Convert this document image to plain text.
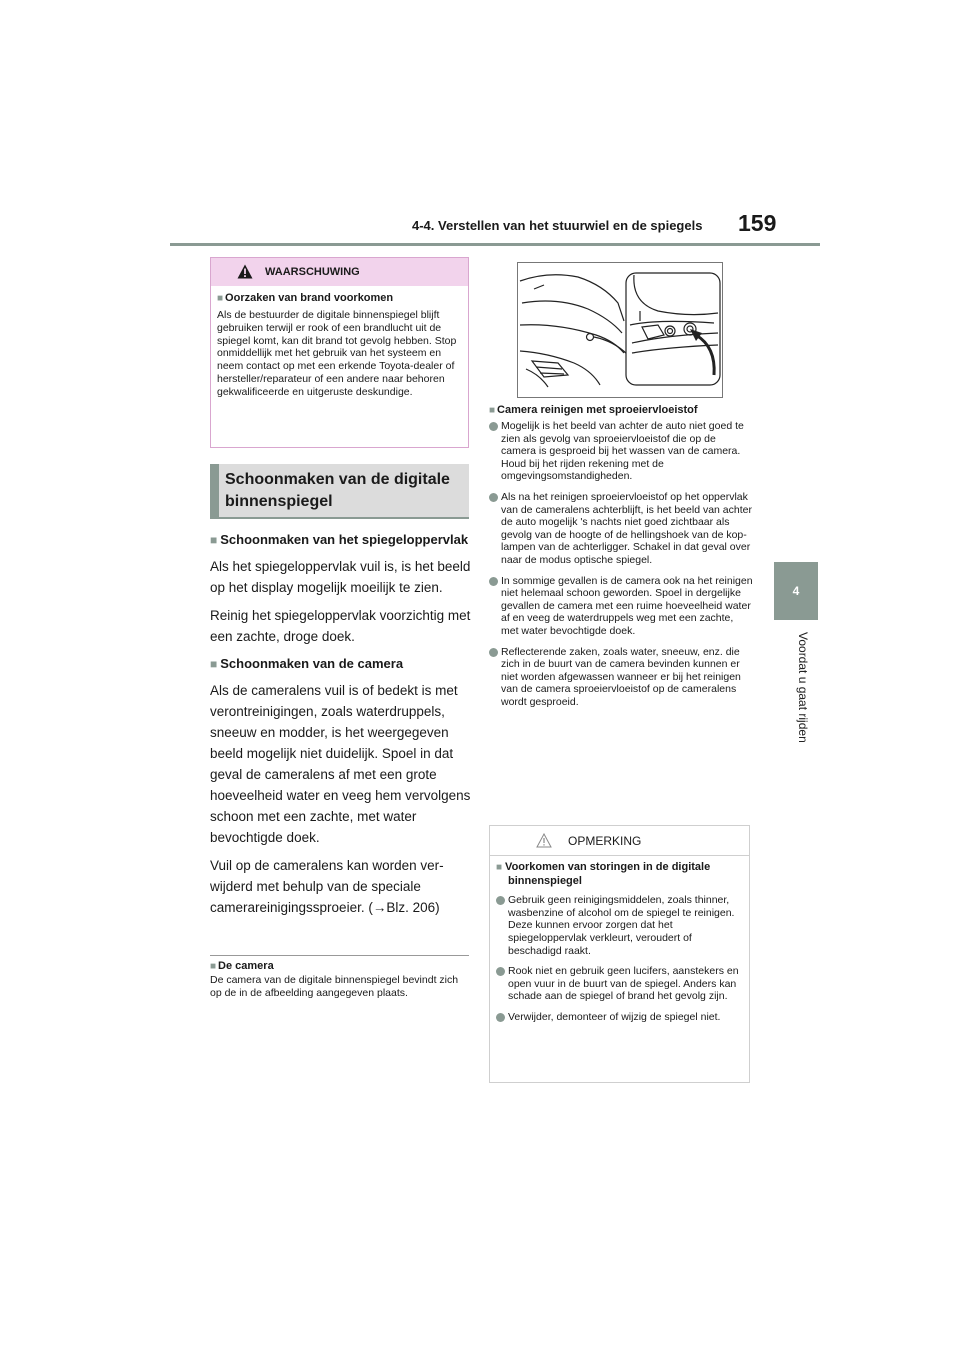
4-4. Verstellen van het stuurwiel en de spiegels 159
4
Voordat u gaat rijden
WAARSCHUWING
■ Oorzaken van brand voorkomen
Als de bestuurder de digitale binnenspiegel blijft gebruiken terwijl er rook of een brandlucht uit de spiegel komt, kan dit brand tot gevolg hebben. Stop onmiddellijk met het gebruik van het systeem en neem contact op met een erkende Toyota-dealer of hersteller/reparateur of een andere naar behoren gekwalificeerde en uitgeruste deskundige.
Schoonmaken van de digitale binnenspiegel
■ Schoonmaken van het spiegeloppervlak

Als het spiegeloppervlak vuil is, is het beeld op het display mogelijk moeilijk te zien.

Reinig het spiegeloppervlak voorzichtig met een zachte, droge doek.

■ Schoonmaken van de camera

Als de cameralens vuil is of bedekt is met verontreinigingen, zoals waterdruppels, sneeuw en modder, is het weergegeven beeld mogelijk niet duidelijk. Spoel in dat geval de cameralens af met een grote hoeveelheid water en veeg hem vervolgens schoon met een zachte, met water bevochtigde doek.

Vuil op de cameralens kan worden verwijderd met behulp van de speciale camerareinigingssproeier. (→Blz. 206)

■ De camera
De camera van de digitale binnenspiegel bevindt zich op de in de afbeelding aangegeven plaats.
■ Camera reinigen met sproeiervloeistof
Mogelijk is het beeld van achter de auto niet goed te zien als gevolg van sproeiervloeistof die op de camera is gesproeid bij het wassen van de camera. Houd bij het rijden rekening met de omgevingsomstandigheden.
Als na het reinigen sproeiervloeistof op het oppervlak van de cameralens achterblijft, is het beeld van achter de auto mogelijk 's nachts niet goed zichtbaar als gevolg van de hoogte of de hellingshoek van de koplampen van de achterligger. Schakel in dat geval over naar de modus optische spiegel.
In sommige gevallen is de camera ook na het reinigen niet helemaal schoon geworden. Spoel in dergelijke gevallen de camera met een ruime hoeveelheid water af en veeg de waterdruppels weg met een zachte, met water bevochtigde doek.
Reflecterende zaken, zoals water, sneeuw, enz. die zich in de buurt van de camera bevinden kunnen er niet worden afgewassen wanneer er bij het reinigen van de camera sproeiervloeistof op de cameralens wordt gesproeid.
OPMERKING
■ Voorkomen van storingen in de digitale binnenspiegel
Gebruik geen reinigingsmiddelen, zoals thinner, wasbenzine of alcohol om de spiegel te reinigen. Deze kunnen ervoor zorgen dat het spiegeloppervlak verkleurt, veroudert of beschadigd raakt.
Rook niet en gebruik geen lucifers, aanstekers en open vuur in de buurt van de spiegel. Anders kan schade aan de spiegel of brand het gevolg zijn.
Verwijder, demonteer of wijzig de spiegel niet.
